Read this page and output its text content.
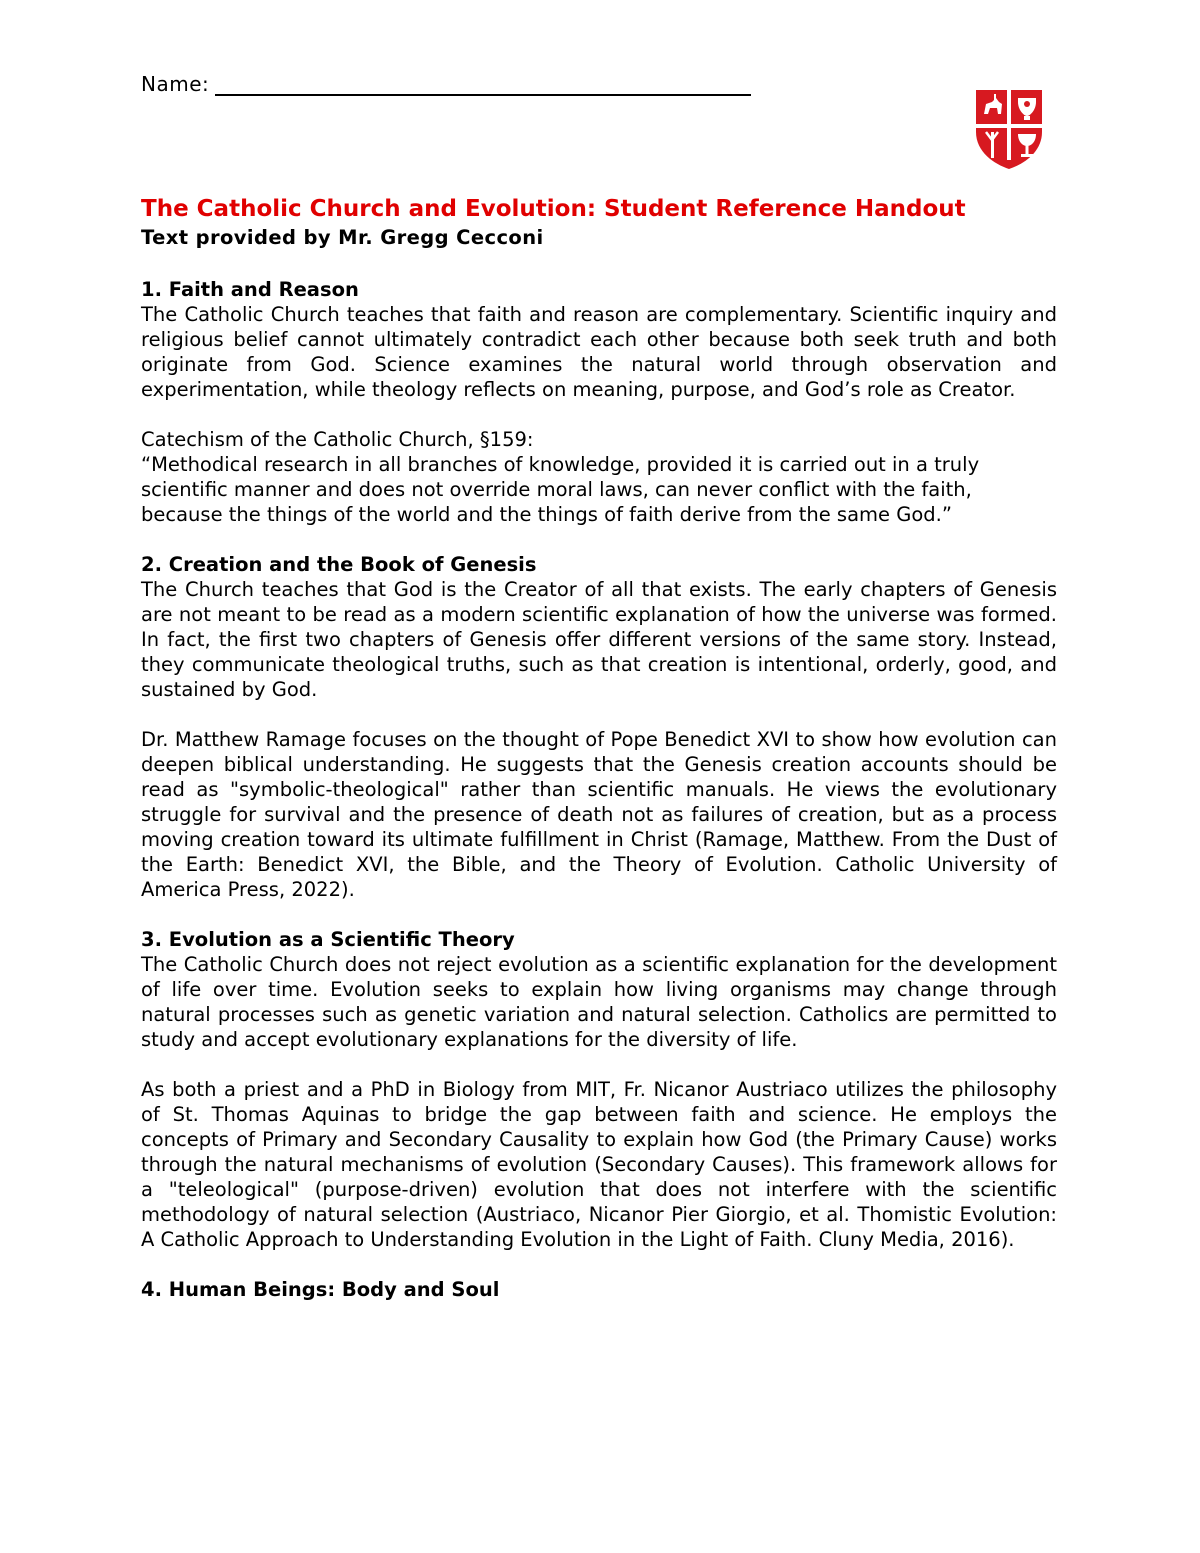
Name:

The Catholic Church and Evolution: Student Reference Handout

Text provided by Mr. Gregg Cecconi

1. Faith and Reason

The Catholic Church teaches that faith and reason are complementary. Scientific inquiry and religious belief cannot ultimately contradict each other because both seek truth and both originate from God. Science examines the natural world through observation and experimentation, while theology reflects on meaning, purpose, and God’s role as Creator.

Catechism of the Catholic Church, §159:

“Methodical research in all branches of knowledge, provided it is carried out in a truly scientific manner and does not override moral laws, can never conflict with the faith, because the things of the world and the things of faith derive from the same God.”

2. Creation and the Book of Genesis

The Church teaches that God is the Creator of all that exists. The early chapters of Genesis are not meant to be read as a modern scientific explanation of how the universe was formed. In fact, the first two chapters of Genesis offer different versions of the same story. Instead, they communicate theological truths, such as that creation is intentional, orderly, good, and sustained by God.

Dr. Matthew Ramage focuses on the thought of Pope Benedict XVI to show how evolution can deepen biblical understanding. He suggests that the Genesis creation accounts should be read as "symbolic-theological" rather than scientific manuals. He views the evolutionary struggle for survival and the presence of death not as failures of creation, but as a process moving creation toward its ultimate fulfillment in Christ (Ramage, Matthew. From the Dust of the Earth: Benedict XVI, the Bible, and the Theory of Evolution. Catholic University of America Press, 2022).

3. Evolution as a Scientific Theory

The Catholic Church does not reject evolution as a scientific explanation for the development of life over time. Evolution seeks to explain how living organisms may change through natural processes such as genetic variation and natural selection. Catholics are permitted to study and accept evolutionary explanations for the diversity of life.

As both a priest and a PhD in Biology from MIT, Fr. Nicanor Austriaco utilizes the philosophy of St. Thomas Aquinas to bridge the gap between faith and science. He employs the concepts of Primary and Secondary Causality to explain how God (the Primary Cause) works through the natural mechanisms of evolution (Secondary Causes). This framework allows for a "teleological" (purpose-driven) evolution that does not interfere with the scientific methodology of natural selection (Austriaco, Nicanor Pier Giorgio, et al. Thomistic Evolution: A Catholic Approach to Understanding Evolution in the Light of Faith. Cluny Media, 2016).

4. Human Beings: Body and Soul
